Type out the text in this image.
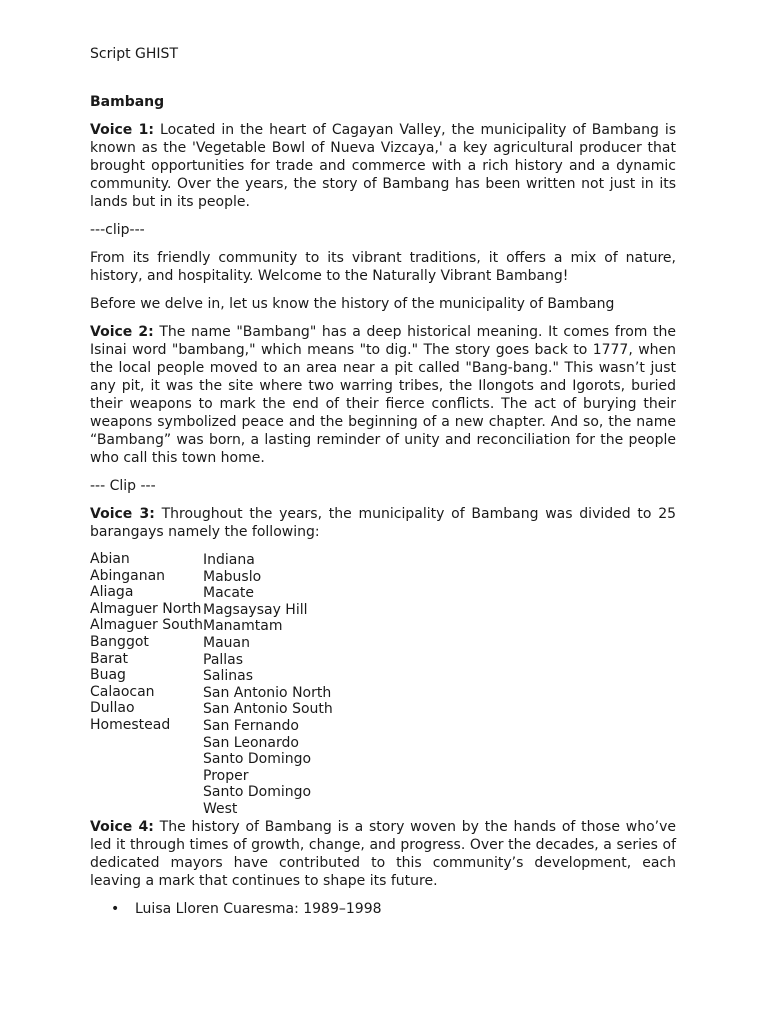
Script GHIST
Bambang

Voice 1: Located in the heart of Cagayan Valley, the municipality of Bambang is known as the 'Vegetable Bowl of Nueva Vizcaya,' a key agricultural producer that brought opportunities for trade and commerce with a rich history and a dynamic community. Over the years, the story of Bambang has been written not just in its lands but in its people.

---clip---

From its friendly community to its vibrant traditions, it offers a mix of nature, history, and hospitality. Welcome to the Naturally Vibrant Bambang!

Before we delve in, let us know the history of the municipality of Bambang

Voice 2: The name "Bambang" has a deep historical meaning. It comes from the Isinai word "bambang," which means "to dig." The story goes back to 1777, when the local people moved to an area near a pit called "Bang-bang." This wasn’t just any pit, it was the site where two warring tribes, the Ilongots and Igorots, buried their weapons to mark the end of their fierce conflicts. The act of burying their weapons symbolized peace and the beginning of a new chapter. And so, the name “Bambang” was born, a lasting reminder of unity and reconciliation for the people who call this town home.

--- Clip ---

Voice 3: Throughout the years, the municipality of Bambang was divided to 25 barangays namely the following:

Abian
Abinganan
Aliaga
Almaguer North
Almaguer South
Banggot
Barat
Buag
Calaocan
Dullao
Homestead
Indiana
Mabuslo
Macate
Magsaysay Hill
Manamtam
Mauan
Pallas
Salinas
San Antonio North
San Antonio South
San Fernando
San Leonardo
Santo Domingo
Proper
Santo Domingo
West

Voice 4: The history of Bambang is a story woven by the hands of those who’ve led it through times of growth, change, and progress. Over the decades, a series of dedicated mayors have contributed to this community’s development, each leaving a mark that continues to shape its future.

• Luisa Lloren Cuaresma: 1989–1998
